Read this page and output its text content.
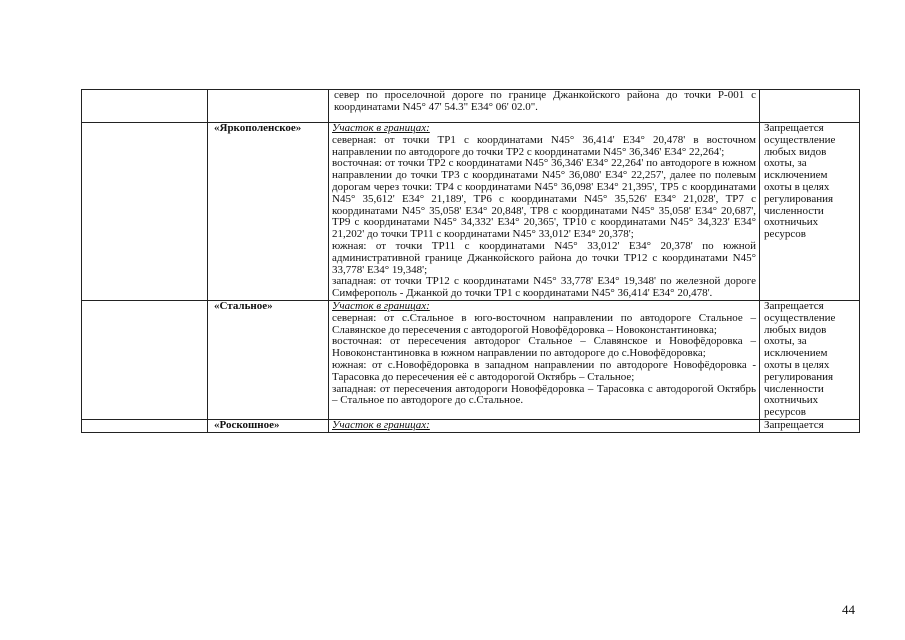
		север по проселочной дороге по границе Джанкойского района до точки Р-001 с координатами N45° 47' 54.3" E34° 06' 02.0".	

	«Яркополенское»	Участок в границах:

северная: от точки ТР1 с координатами N45° 36,414' E34° 20,478' в восточном направлении по автодороге до точки ТР2 с координатами N45° 36,346' E34° 22,264';

восточная: от точки ТР2 с координатами N45° 36,346' E34° 22,264' по автодороге в южном направлении до точки ТР3 с координатами N45° 36,080' E34° 22,257', далее по полевым дорогам через точки: ТР4 с координатами N45° 36,098' E34° 21,395', ТР5 с координатами N45° 35,612' E34° 21,189', ТР6 с координатами N45° 35,526' E34° 21,028', ТР7 с координатами N45° 35,058' E34° 20,848', ТР8 с координатами N45° 35,058' E34° 20,687', ТР9 с координатами N45° 34,332' E34° 20,365', ТР10 с координатами N45° 34,323' E34° 21,202' до точки ТР11 с координатами N45° 33,012' E34° 20,378';

южная: от точки ТР11 с координатами N45° 33,012' E34° 20,378' по южной административной границе Джанкойского района до точки ТР12 с координатами N45° 33,778' E34° 19,348';

западная: от точки ТР12 с координатами N45° 33,778' E34° 19,348' по железной дороге Симферополь - Джанкой до точки ТР1 с координатами N45° 36,414' E34° 20,478'.	Запрещается осуществление любых видов охоты, за исключением охоты в целях регулирования численности охотничьих ресурсов
	«Стальное»	Участок в границах:

северная: от с.Стальное в юго-восточном направлении по автодороге Стальное – Славянское до пересечения с автодорогой Новофёдоровка – Новоконстантиновка;

восточная: от пересечения автодорог Стальное – Славянское и Новофёдоровка – Новоконстантиновка в южном направлении по автодороге до с.Новофёдоровка;

южная: от с.Новофёдоровка в западном направлении по автодороге Новофёдоровка - Тарасовка до пересечения её с автодорогой Октябрь – Стальное;

западная: от пересечения автодороги Новофёдоровка – Тарасовка с автодорогой Октябрь – Стальное по автодороге до с.Стальное.	Запрещается осуществление любых видов охоты, за исключением охоты в целях регулирования численности охотничьих ресурсов
	«Роскошное»	Участок в границах:	Запрещается
44
